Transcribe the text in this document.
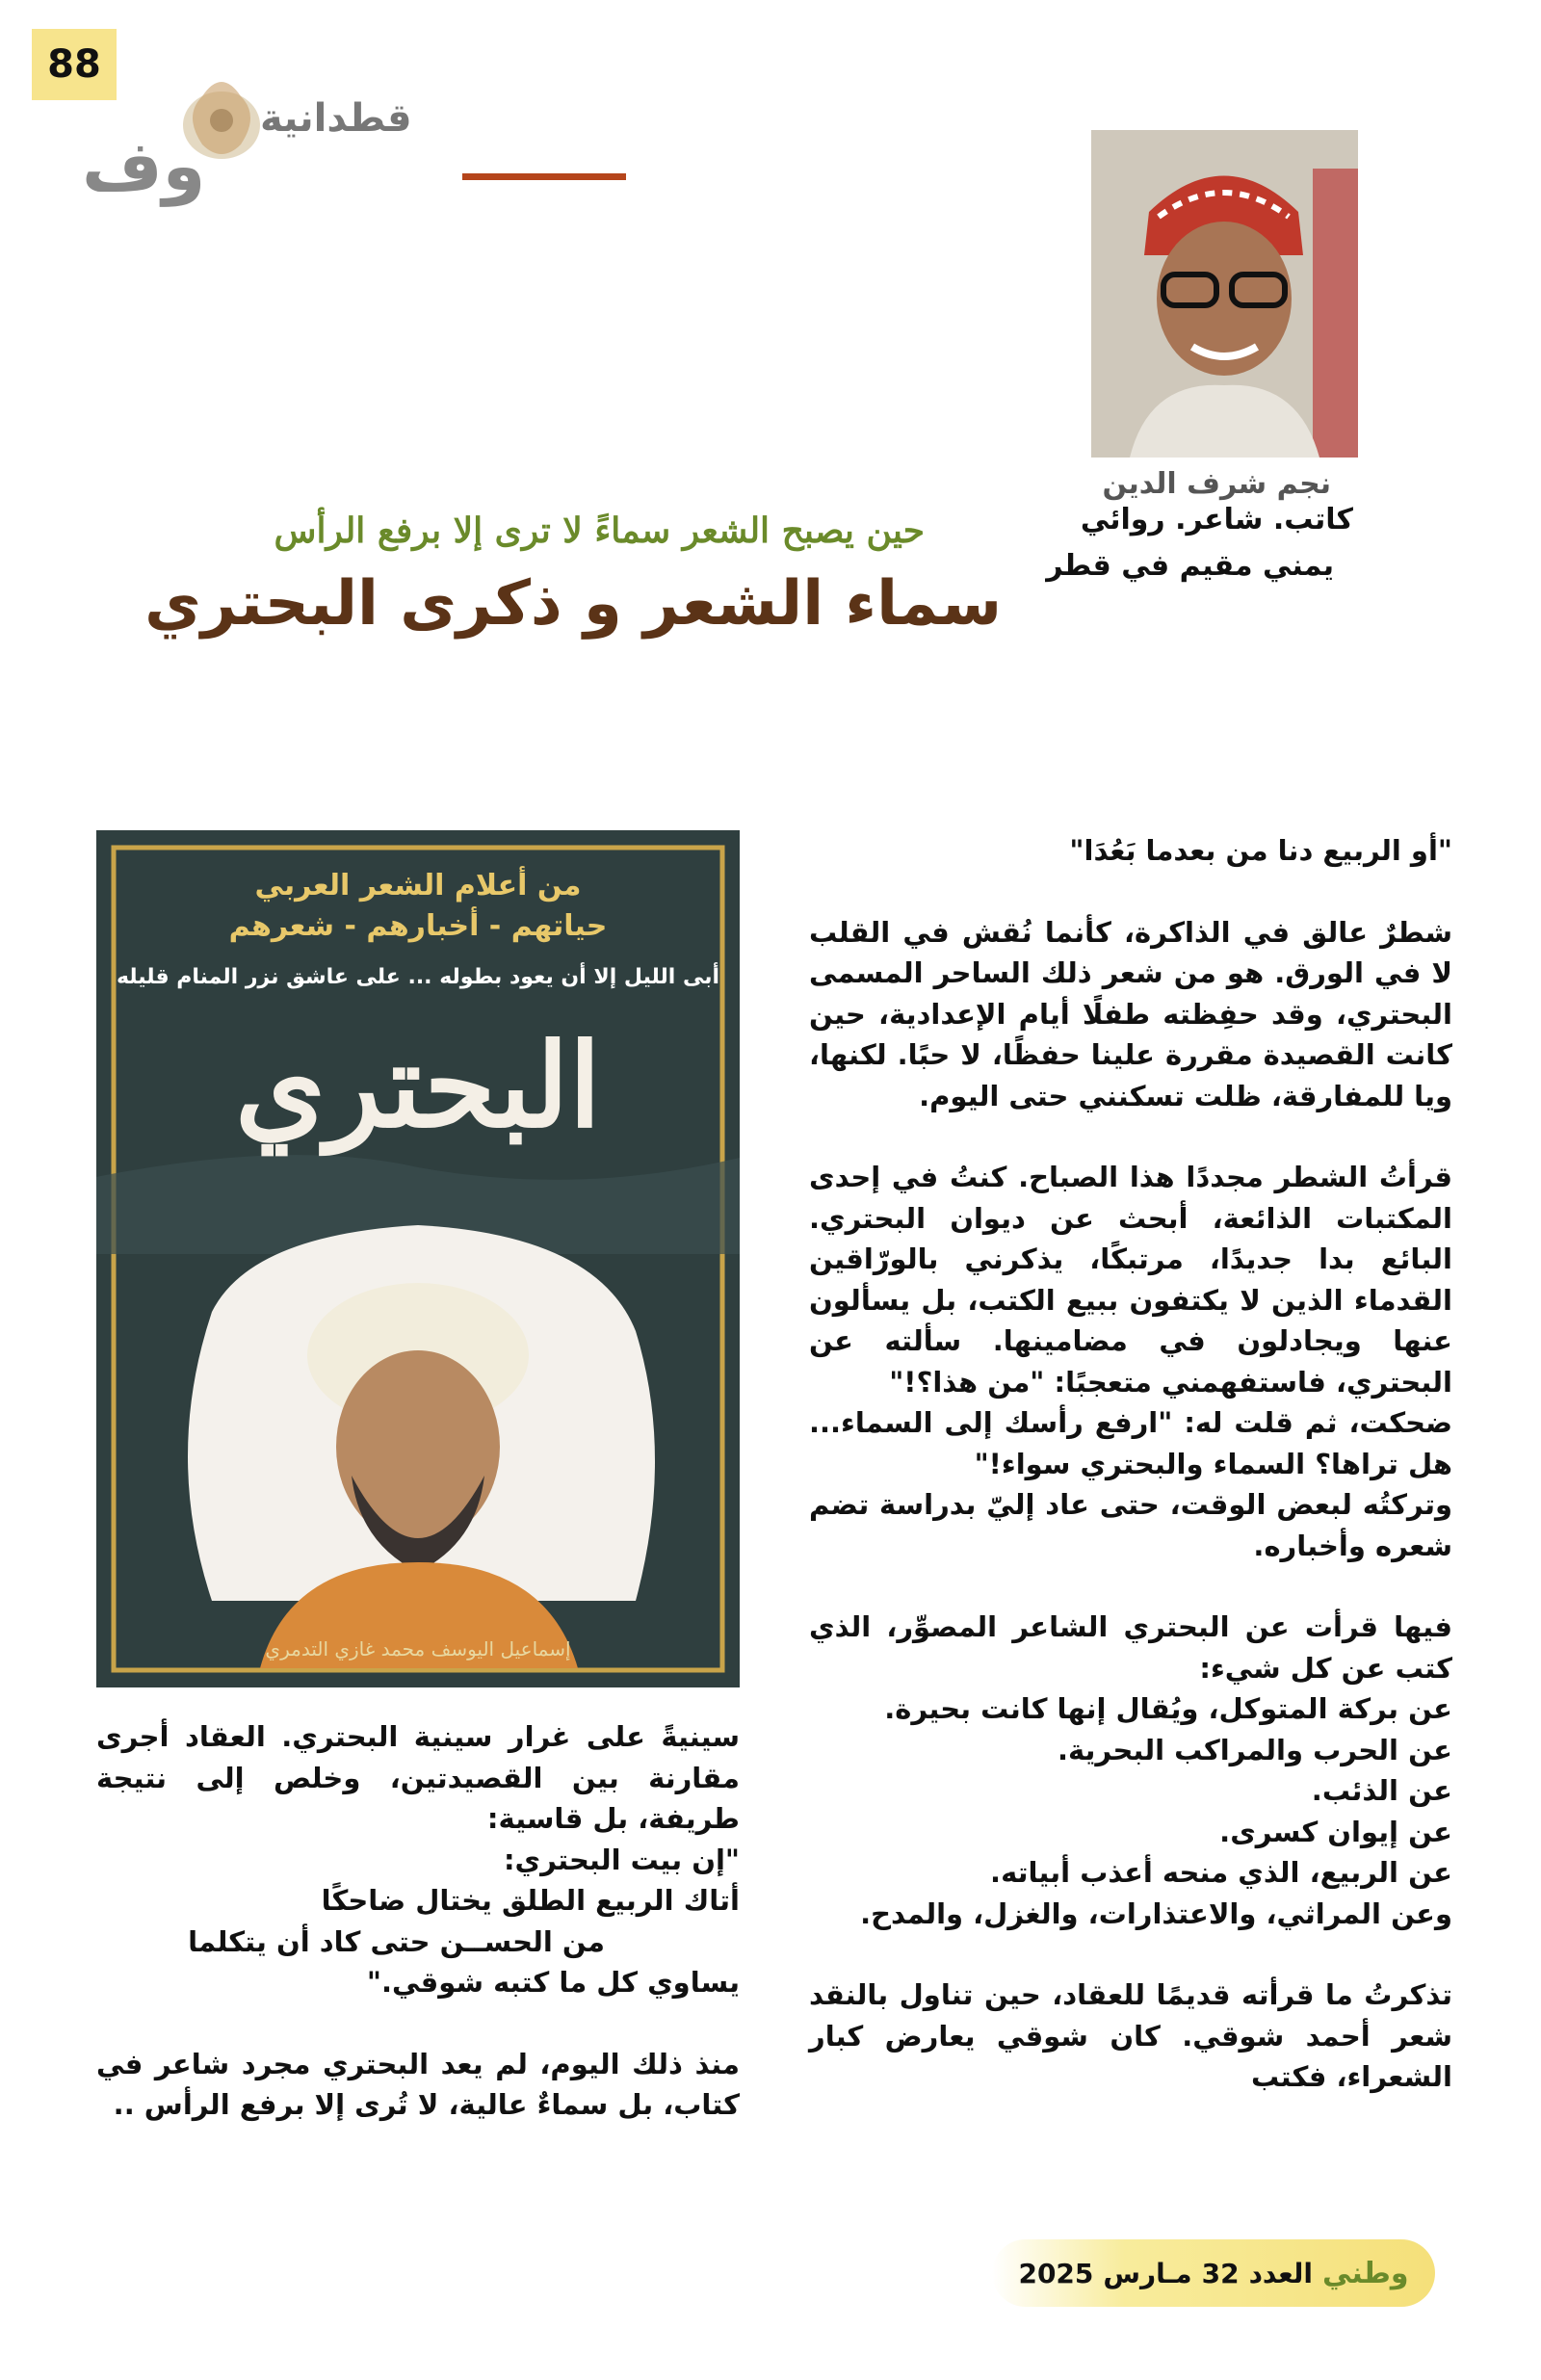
88
قطدانية
وف
نجم شرف الدين
كاتب. شاعر. روائي
يمني مقيم في قطر
حين يصبح الشعر سماءً لا ترى إلا برفع الرأس
سماء الشعر و ذكرى البحتري
من أعلام الشعر العربي
حياتهم - أخبارهم - شعرهم
أبى الليل إلا أن يعود بطوله ... على عاشق نزر المنام قليله
البحتري
إسماعيل اليوسف محمد غازي التدمري

"أو الربيع دنا من بعدما بَعُدَا"

شطرٌ عالق في الذاكرة، كأنما نُقش في القلب لا في الورق. هو من شعر ذلك الساحر المسمى البحتري، وقد حفِظته طفلًا أيام الإعدادية، حين كانت القصيدة مقررة علينا حفظًا، لا حبًا. لكنها، ويا للمفارقة، ظلت تسكنني حتى اليوم.

قرأتُ الشطر مجددًا هذا الصباح. كنتُ في إحدى المكتبات الذائعة، أبحث عن ديوان البحتري. البائع بدا جديدًا، مرتبكًا، يذكرني بالورّاقين القدماء الذين لا يكتفون ببيع الكتب، بل يسألون عنها ويجادلون في مضامينها. سألته عن البحتري، فاستفهمني متعجبًا: "من هذا؟!"

ضحكت، ثم قلت له: "ارفع رأسك إلى السماء... هل تراها؟ السماء والبحتري سواء!"

وتركتُه لبعض الوقت، حتى عاد إليّ بدراسة تضم شعره وأخباره.

فيها قرأت عن البحتري الشاعر المصوِّر، الذي كتب عن كل شيء:

عن بركة المتوكل، ويُقال إنها كانت بحيرة.

عن الحرب والمراكب البحرية.

عن الذئب.

عن إيوان كسرى.

عن الربيع، الذي منحه أعذب أبياته.

وعن المراثي، والاعتذارات، والغزل، والمدح.

تذكرتُ ما قرأته قديمًا للعقاد، حين تناول بالنقد شعر أحمد شوقي. كان شوقي يعارض كبار الشعراء، فكتب

سينيةً على غرار سينية البحتري. العقاد أجرى مقارنة بين القصيدتين، وخلص إلى نتيجة طريفة، بل قاسية:

"إن بيت البحتري:

أتاك الربيع الطلق يختال ضاحكًا

من الحســن حتى كاد أن يتكلما

يساوي كل ما كتبه شوقي."

منذ ذلك اليوم، لم يعد البحتري مجرد شاعر في كتاب، بل سماءٌ عالية، لا تُرى إلا برفع الرأس ..

وطني
العدد
32
مـارس
2025
